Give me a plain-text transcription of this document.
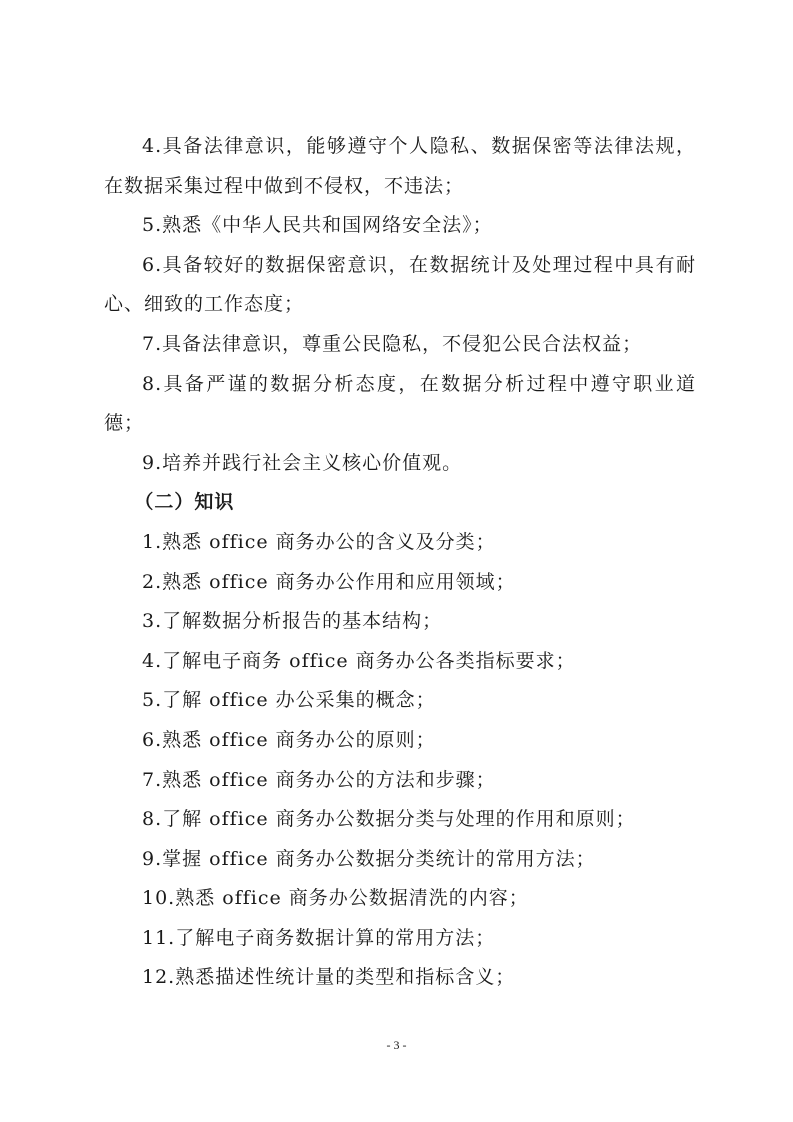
4.具备法律意识，能够遵守个人隐私、数据保密等法律法规，在数据采集过程中做到不侵权，不违法；

5.熟悉《中华人民共和国网络安全法》；

6.具备较好的数据保密意识，在数据统计及处理过程中具有耐心、细致的工作态度；

7.具备法律意识，尊重公民隐私，不侵犯公民合法权益；

8.具备严谨的数据分析态度，在数据分析过程中遵守职业道德；

9.培养并践行社会主义核心价值观。

（二）知识

1.熟悉 office 商务办公的含义及分类；

2.熟悉 office 商务办公作用和应用领域；

3.了解数据分析报告的基本结构；

4.了解电子商务 office 商务办公各类指标要求；

5.了解 office 办公采集的概念；

6.熟悉 office 商务办公的原则；

7.熟悉 office 商务办公的方法和步骤；

8.了解 office 商务办公数据分类与处理的作用和原则；

9.掌握 office 商务办公数据分类统计的常用方法；

10.熟悉 office 商务办公数据清洗的内容；

11.了解电子商务数据计算的常用方法；

12.熟悉描述性统计量的类型和指标含义；

- 3 -
